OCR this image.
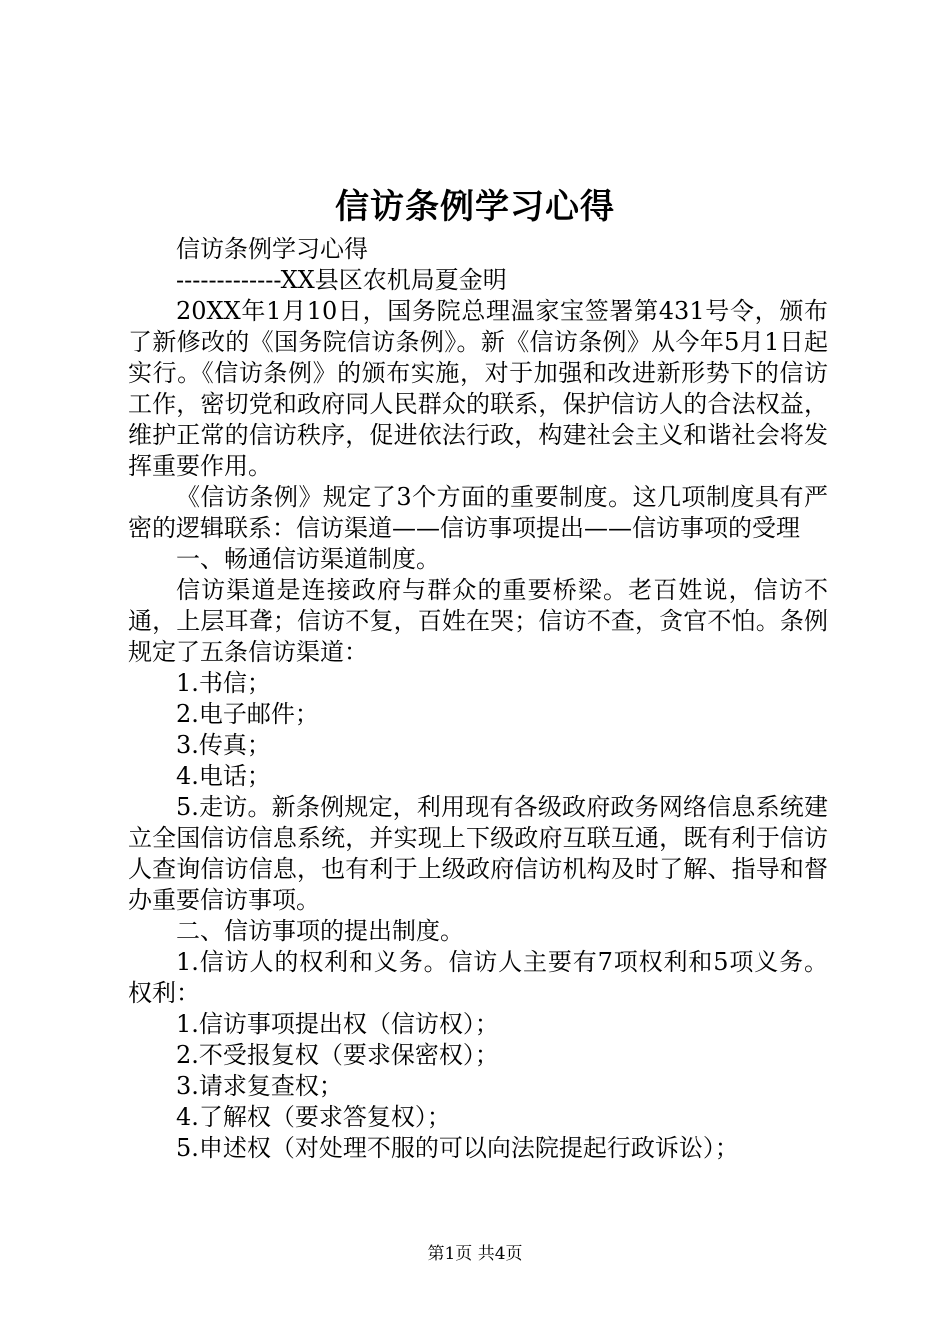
信访条例学习心得

信访条例学习心得

-------------XX县区农机局夏金明

20XX年1月10日，国务院总理温家宝签署第431号令，颁布了新修改的《国务院信访条例》。新《信访条例》从今年5月1日起实行。《信访条例》的颁布实施，对于加强和改进新形势下的信访工作，密切党和政府同人民群众的联系，保护信访人的合法权益，维护正常的信访秩序，促进依法行政，构建社会主义和谐社会将发挥重要作用。

《信访条例》规定了3个方面的重要制度。这几项制度具有严密的逻辑联系：信访渠道——信访事项提出——信访事项的受理

一、畅通信访渠道制度。

信访渠道是连接政府与群众的重要桥梁。老百姓说，信访不通，上层耳聋；信访不复，百姓在哭；信访不查，贪官不怕。条例规定了五条信访渠道：

1.书信；

2.电子邮件；

3.传真；

4.电话；

5.走访。新条例规定，利用现有各级政府政务网络信息系统建立全国信访信息系统，并实现上下级政府互联互通，既有利于信访人查询信访信息，也有利于上级政府信访机构及时了解、指导和督办重要信访事项。

二、信访事项的提出制度。

1.信访人的权利和义务。信访人主要有7项权利和5项义务。权利：

1.信访事项提出权（信访权）；

2.不受报复权（要求保密权）；

3.请求复查权；

4.了解权（要求答复权）；

5.申述权（对处理不服的可以向法院提起行政诉讼）；

第1页 共4页
